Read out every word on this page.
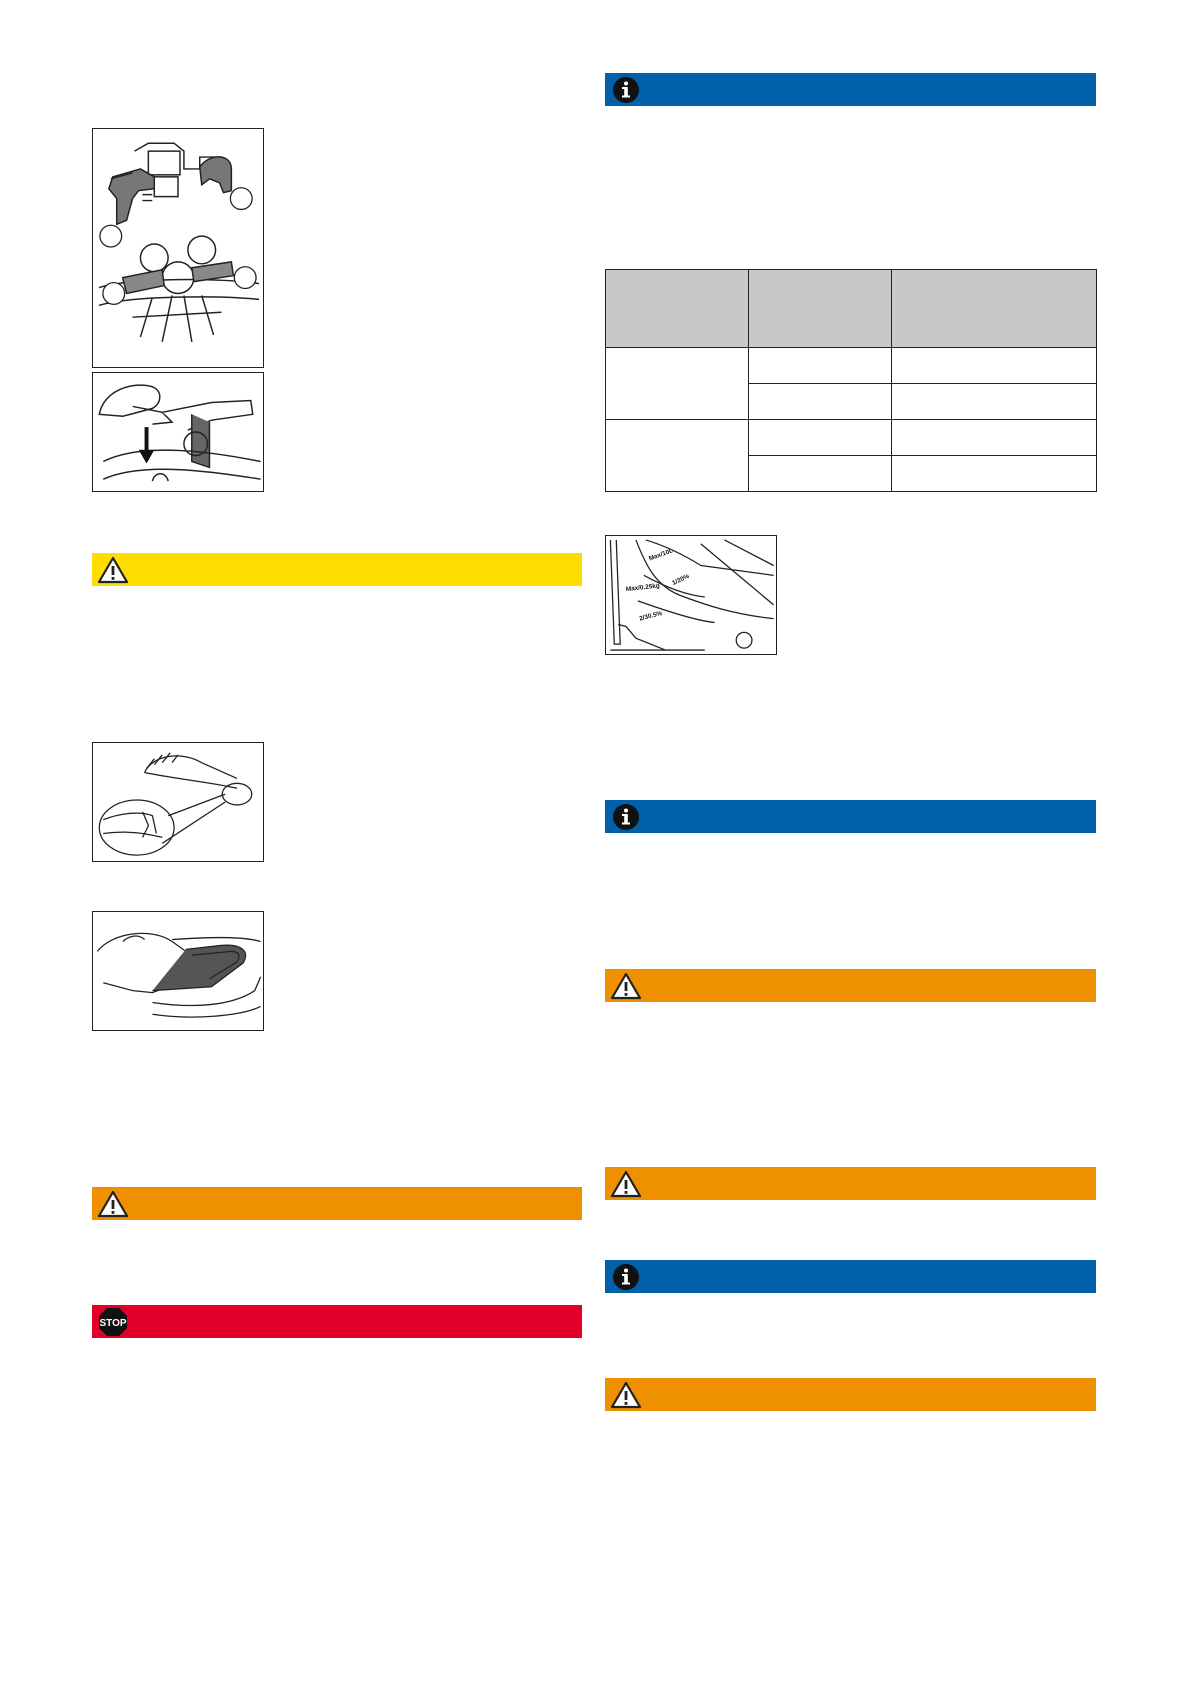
STOP

Max/10L
Max/0.25kg
1/20%
2/30.5%
